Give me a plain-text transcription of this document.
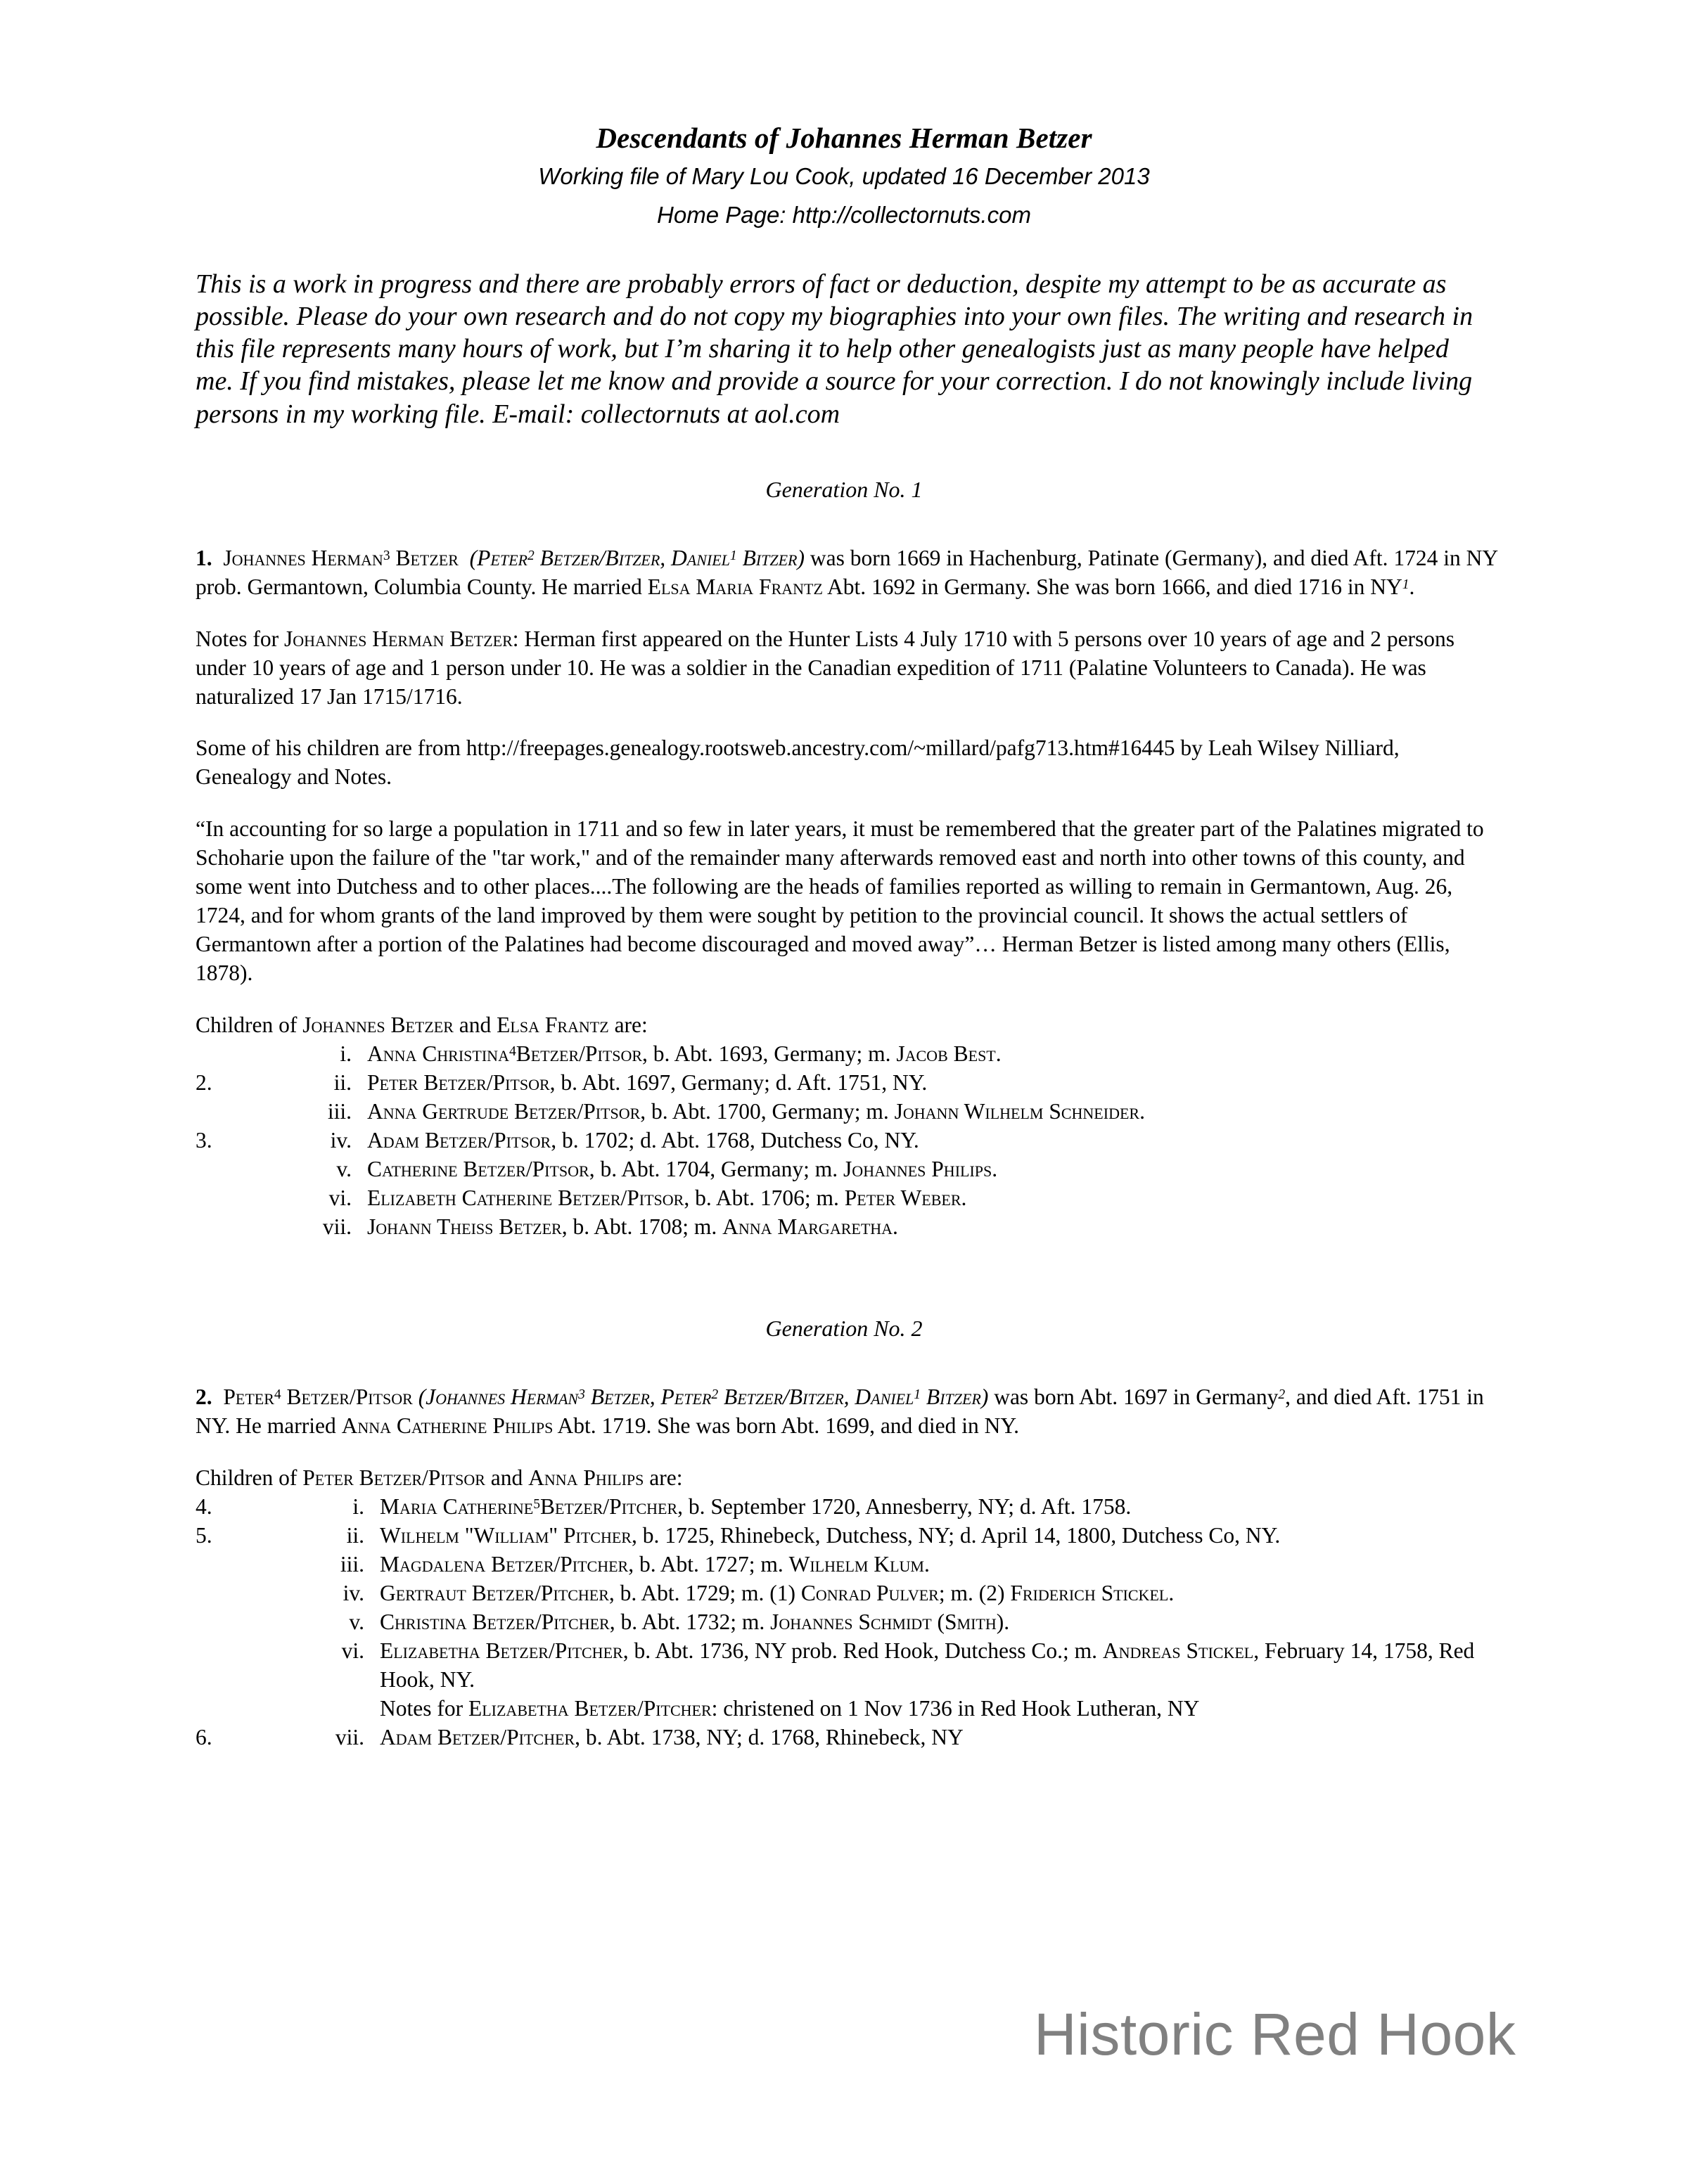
Descendants of Johannes Herman Betzer
Working file of Mary Lou Cook, updated 16 December 2013
Home Page: http://collectornuts.com

This is a work in progress and there are probably errors of fact or deduction, despite my attempt to be as accurate as possible. Please do your own research and do not copy my biographies into your own files. The writing and research in this file represents many hours of work, but I’m sharing it to help other genealogists just as many people have helped me. If you find mistakes, please let me know and provide a source for your correction. I do not knowingly include living persons in my working file. E-mail: collectornuts at aol.com

Generation No. 1

1. Johannes Herman$^3$ Betzer (Peter$^2$ Betzer/Bitzer, Daniel$^1$ Bitzer) was born 1669 in Hachenburg, Patinate (Germany), and died Aft. 1724 in NY prob. Germantown, Columbia County. He married Elsa Maria Frantz Abt. 1692 in Germany. She was born 1666, and died 1716 in $NY^1$.

Notes for Johannes Herman Betzer: Herman first appeared on the Hunter Lists 4 July 1710 with 5 persons over 10 years of age and 2 persons under 10 years of age and 1 person under 10. He was a soldier in the Canadian expedition of 1711 (Palatine Volunteers to Canada). He was naturalized 17 Jan 1715/1716.

Some of his children are from http://freepages.genealogy.rootsweb.ancestry.com/~millard/pafg713.htm#16445 by Leah Wilsey Nilliard, Genealogy and Notes.

“In accounting for so large a population in 1711 and so few in later years, it must be remembered that the greater part of the Palatines migrated to Schoharie upon the failure of the "tar work," and of the remainder many afterwards removed east and north into other towns of this county, and some went into Dutchess and to other places....The following are the heads of families reported as willing to remain in Germantown, Aug. 26, 1724, and for whom grants of the land improved by them were sought by petition to the provincial council. It shows the actual settlers of Germantown after a portion of the Palatines had become discouraged and moved away”… Herman Betzer is listed among many others (Ellis, 1878).

Children of Johannes Betzer and Elsa Frantz are:

i. Anna Christina$^4$Betzer/Pitsor, b. Abt. 1693, Germany; m. Jacob Best.
2.	ii. Peter Betzer/Pitsor, b. Abt. 1697, Germany; d. Aft. 1751, NY.
iii. Anna Gertrude Betzer/Pitsor, b. Abt. 1700, Germany; m. Johann Wilhelm Schneider.
3.	iv. Adam Betzer/Pitsor, b. 1702; d. Abt. 1768, Dutchess Co, NY.
v. Catherine Betzer/Pitsor, b. Abt. 1704, Germany; m. Johannes Philips.
vi. Elizabeth Catherine Betzer/Pitsor, b. Abt. 1706; m. Peter Weber.
vii. Johann Theiss Betzer, b. Abt. 1708; m. Anna Margaretha.
Generation No. 2

2. Peter$^4$ Betzer/Pitsor (Johannes Herman$^3$ Betzer, Peter$^2$ Betzer/Bitzer, Daniel$^1$ Bitzer) was born Abt. 1697 in Germany$^2$, and died Aft. 1751 in NY. He married Anna Catherine Philips Abt. 1719. She was born Abt. 1699, and died in NY.

Children of Peter Betzer/Pitsor and Anna Philips are:

4.	i. Maria Catherine$^5$Betzer/Pitcher, b. September 1720, Annesberry, NY; d. Aft. 1758.
5.	ii. Wilhelm "William" Pitcher, b. 1725, Rhinebeck, Dutchess, NY; d. April 14, 1800, Dutchess Co, NY.
iii. Magdalena Betzer/Pitcher, b. Abt. 1727; m. Wilhelm Klum.
iv. Gertraut Betzer/Pitcher, b. Abt. 1729; m. (1) Conrad Pulver; m. (2) Friderich Stickel.
v. Christina Betzer/Pitcher, b. Abt. 1732; m. Johannes Schmidt (Smith).
vi. Elizabetha Betzer/Pitcher, b. Abt. 1736, NY prob. Red Hook, Dutchess Co.; m. Andreas Stickel, February 14, 1758, Red Hook, NY.
Notes for Elizabetha Betzer/Pitcher: christened on 1 Nov 1736 in Red Hook Lutheran, NY
6.	vii. Adam Betzer/Pitcher, b. Abt. 1738, NY; d. 1768, Rhinebeck, NY
Historic Red Hook
